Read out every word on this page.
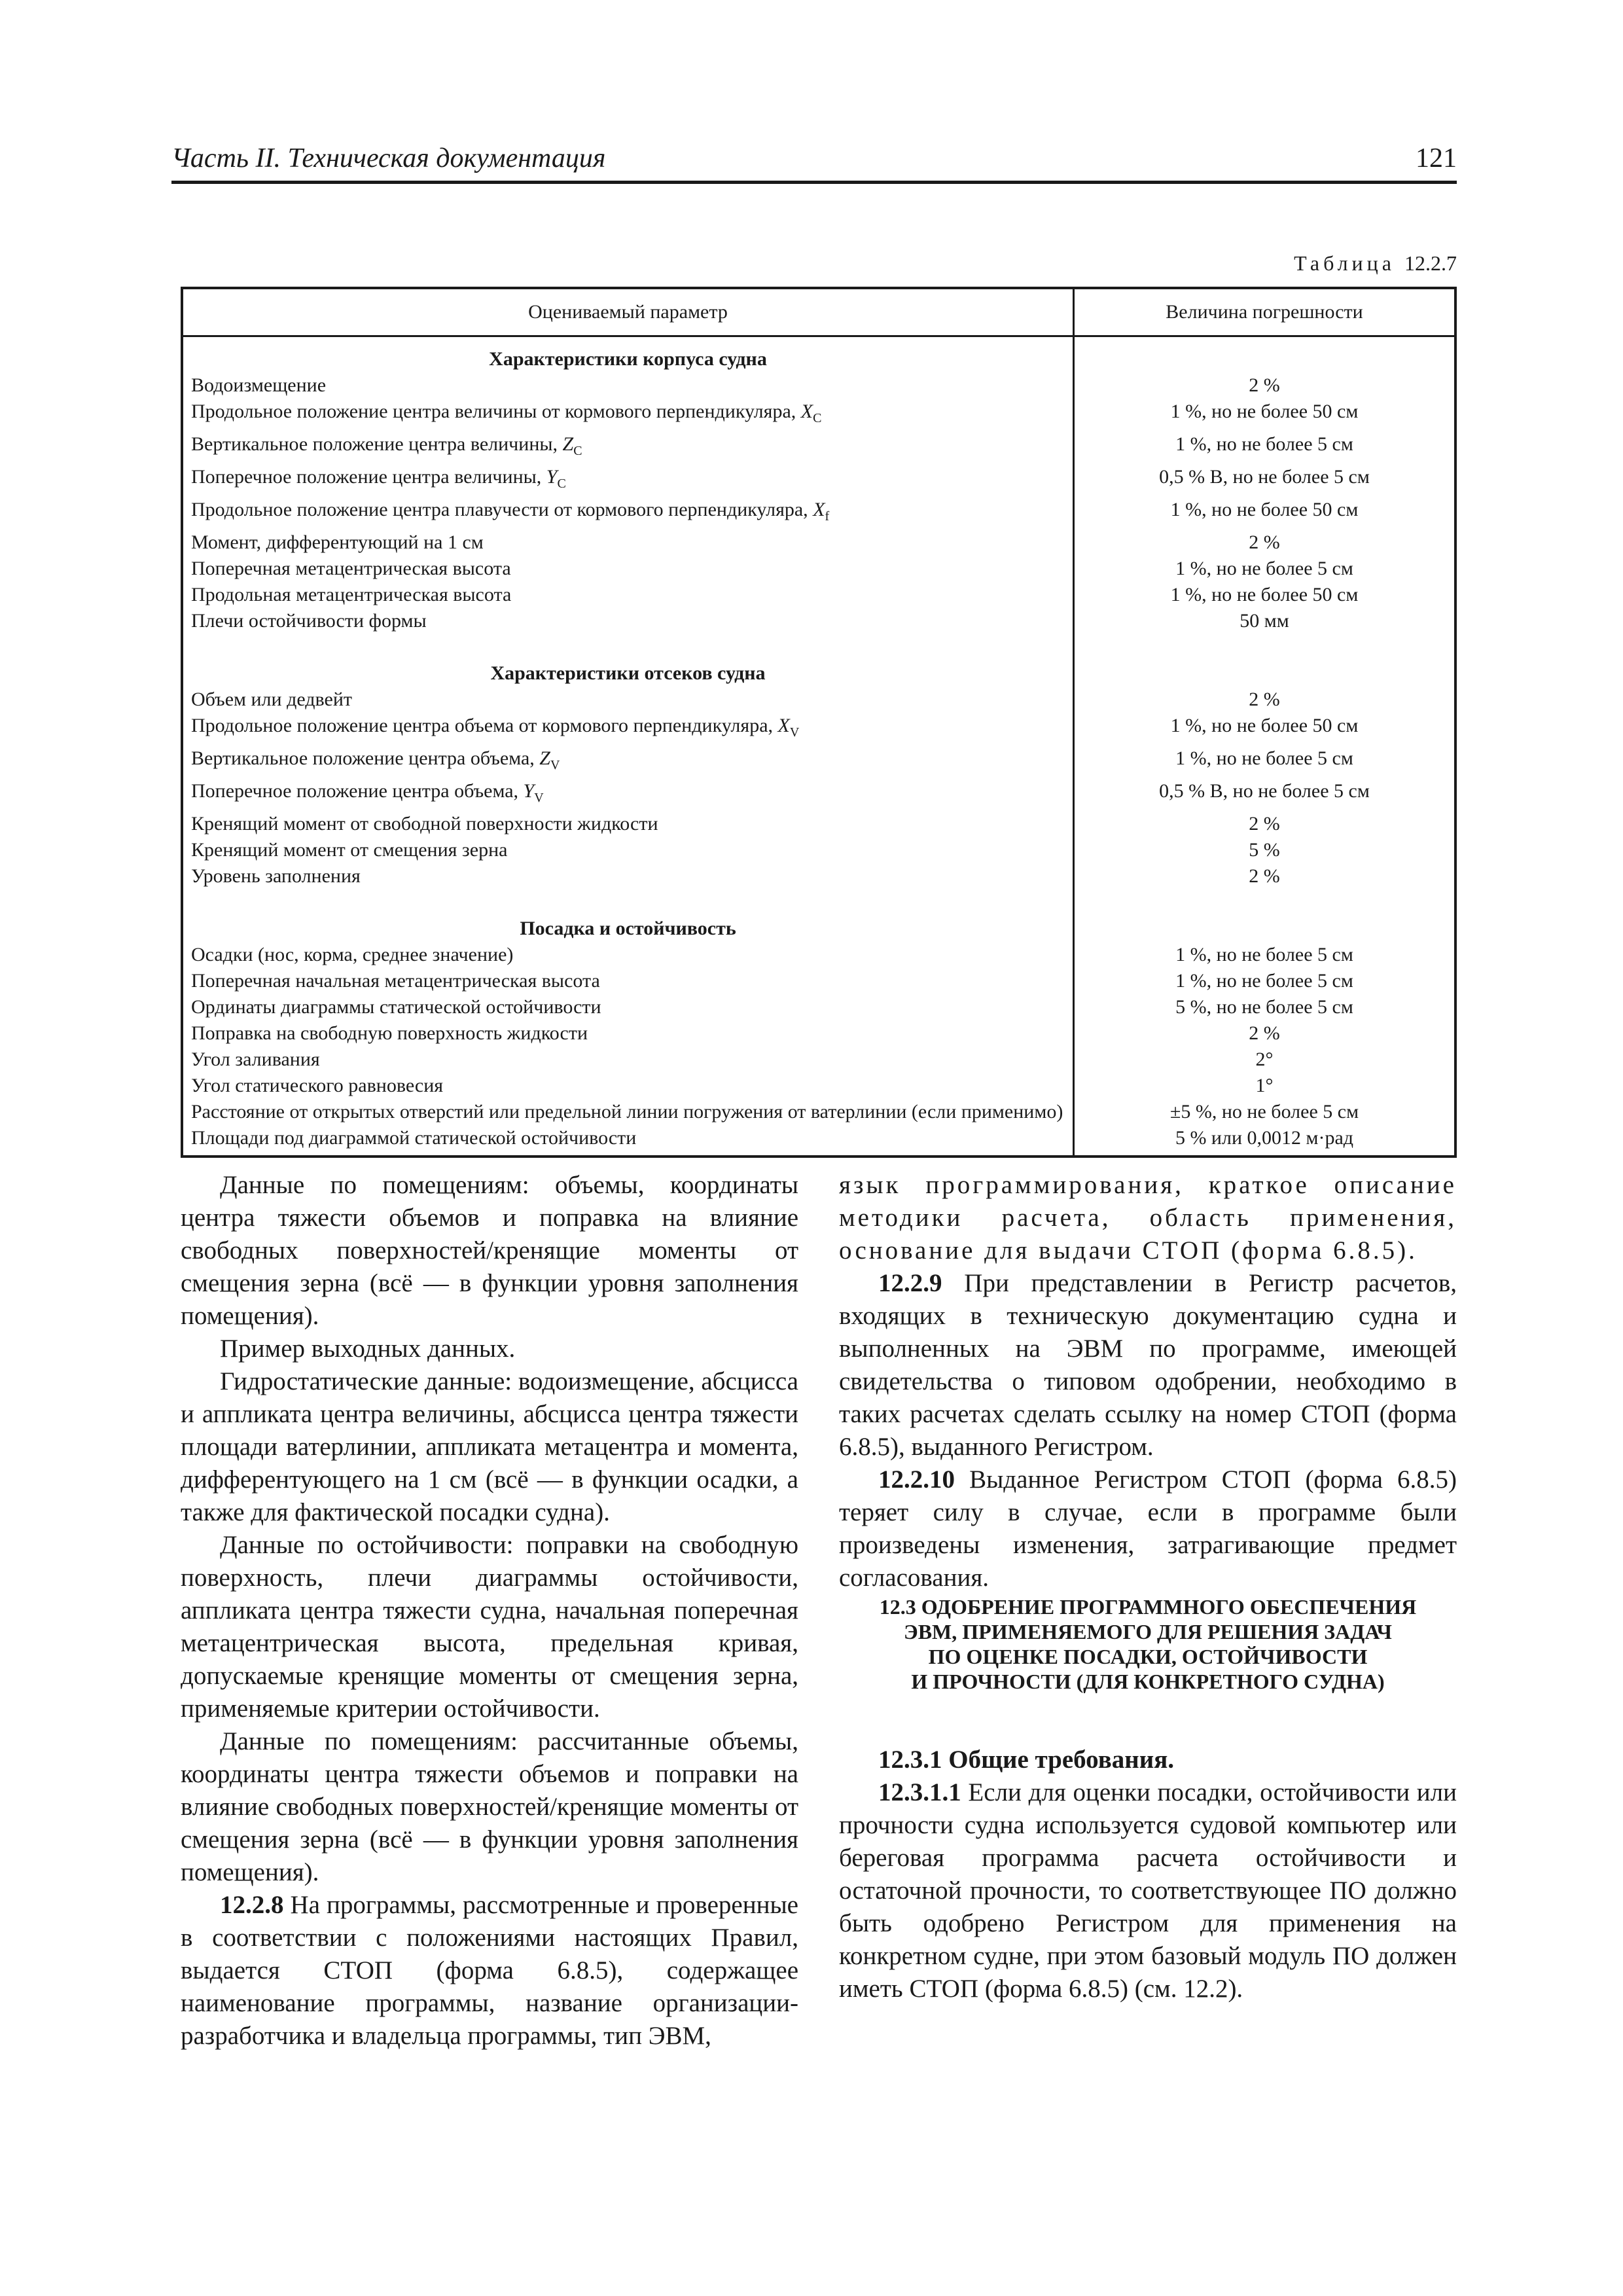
Часть II. Техническая документация	121
Таблица 12.2.7
Оцениваемый параметр	Величина погрешности
Характеристики корпуса судна	
Водоизмещение	2 %
Продольное положение центра величины от кормового перпендикуляра, $X_C$	1 %, но не более 50 см
Вертикальное положение центра величины, $Z_C$	1 %, но не более 5 см
Поперечное положение центра величины, $Y_C$	0,5 % B, но не более 5 см
Продольное положение центра плавучести от кормового перпендикуляра, $X_f$	1 %, но не более 50 см
Момент, дифферентующий на 1 см	2 %
Поперечная метацентрическая высота	1 %, но не более 5 см
Продольная метацентрическая высота	1 %, но не более 50 см
Плечи остойчивости формы	50 мм

Характеристики отсеков судна	
Объем или дедвейт	2 %
Продольное положение центра объема от кормового перпендикуляра, $X_V$	1 %, но не более 50 см
Вертикальное положение центра объема, $Z_V$	1 %, но не более 5 см
Поперечное положение центра объема, $Y_V$	0,5 % B, но не более 5 см
Кренящий момент от свободной поверхности жидкости	2 %
Кренящий момент от смещения зерна	5 %
Уровень заполнения	2 %

Посадка и остойчивость	
Осадки (нос, корма, среднее значение)	1 %, но не более 5 см
Поперечная начальная метацентрическая высота	1 %, но не более 5 см
Ординаты диаграммы статической остойчивости	5 %, но не более 5 см
Поправка на свободную поверхность жидкости	2 %
Угол заливания	2°
Угол статического равновесия	1°
Расстояние от открытых отверстий или предельной линии погружения от ватерлинии (если применимо)	±5 %, но не более 5 см
Площади под диаграммой статической остойчивости	5 % или 0,0012 м·рад

Данные по помещениям: объемы, координаты центра тяжести объемов и поправка на влияние свободных поверхностей/кренящие моменты от смещения зерна (всё — в функции уровня заполнения помещения).

Пример выходных данных.

Гидростатические данные: водоизмещение, абсцисса и аппликата центра величины, абсцисса центра тяжести площади ватерлинии, аппликата метацентра и момента, дифферентующего на 1 см (всё — в функции осадки, а также для фактической посадки судна).

Данные по остойчивости: поправки на свободную поверхность, плечи диаграммы остойчивости, аппликата центра тяжести судна, начальная поперечная метацентрическая высота, предельная кривая, допускаемые кренящие моменты от смещения зерна, применяемые критерии остойчивости.

Данные по помещениям: рассчитанные объемы, координаты центра тяжести объемов и поправки на влияние свободных поверхностей/кренящие моменты от смещения зерна (всё — в функции уровня заполнения помещения).

12.2.8 На программы, рассмотренные и проверенные в соответствии с положениями настоящих Правил, выдается СТОП (форма 6.8.5), содержащее наименование программы, название организации-разработчика и владельца программы, тип ЭВМ,

язык программирования, краткое описание методики расчета, область применения, основание для выдачи СТОП (форма 6.8.5).

12.2.9 При представлении в Регистр расчетов, входящих в техническую документацию судна и выполненных на ЭВМ по программе, имеющей свидетельства о типовом одобрении, необходимо в таких расчетах сделать ссылку на номер СТОП (форма 6.8.5), выданного Регистром.

12.2.10 Выданное Регистром СТОП (форма 6.8.5) теряет силу в случае, если в программе были произведены изменения, затрагивающие предмет согласования.

12.3 ОДОБРЕНИЕ ПРОГРАММНОГО ОБЕСПЕЧЕНИЯ
ЭВМ, ПРИМЕНЯЕМОГО ДЛЯ РЕШЕНИЯ ЗАДАЧ
ПО ОЦЕНКЕ ПОСАДКИ, ОСТОЙЧИВОСТИ
И ПРОЧНОСТИ (ДЛЯ КОНКРЕТНОГО СУДНА)

12.3.1 Общие требования.

12.3.1.1 Если для оценки посадки, остойчивости или прочности судна используется судовой компьютер или береговая программа расчета остойчивости и остаточной прочности, то соответствующее ПО должно быть одобрено Регистром для применения на конкретном судне, при этом базовый модуль ПО должен иметь СТОП (форма 6.8.5) (см. 12.2).
